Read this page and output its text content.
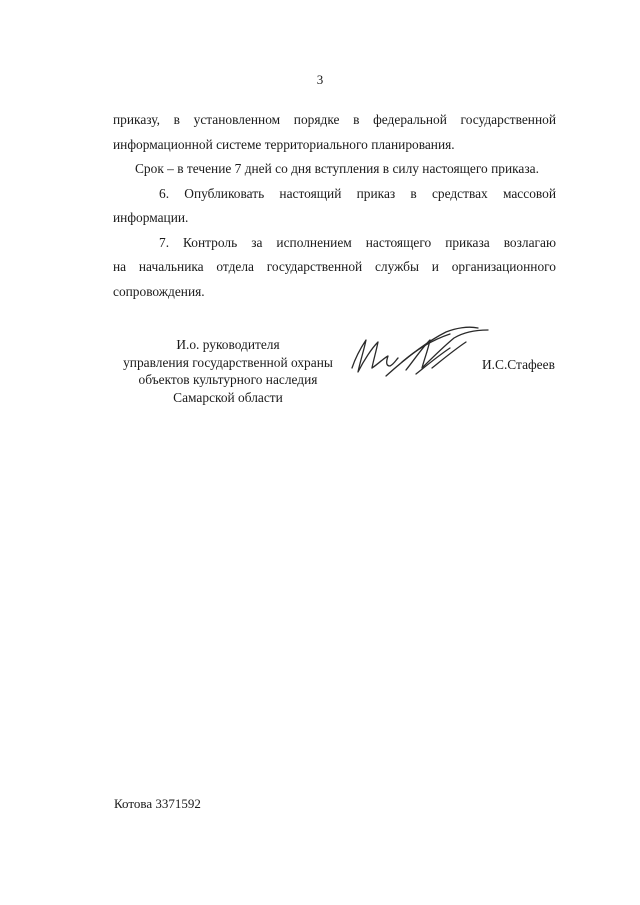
3

приказу, в установленном порядке в федеральной государственной

информационной системе территориального планирования.

Срок – в течение 7 дней со дня вступления в силу настоящего приказа.

6. Опубликовать настоящий приказ в средствах массовой

информации.

7. Контроль за исполнением настоящего приказа возлагаю

на начальника отдела государственной службы и организационного

сопровождения.

И.о. руководителя
управления государственной охраны
объектов культурного наследия
Самарской области
И.С.Стафеев
Котова 3371592
